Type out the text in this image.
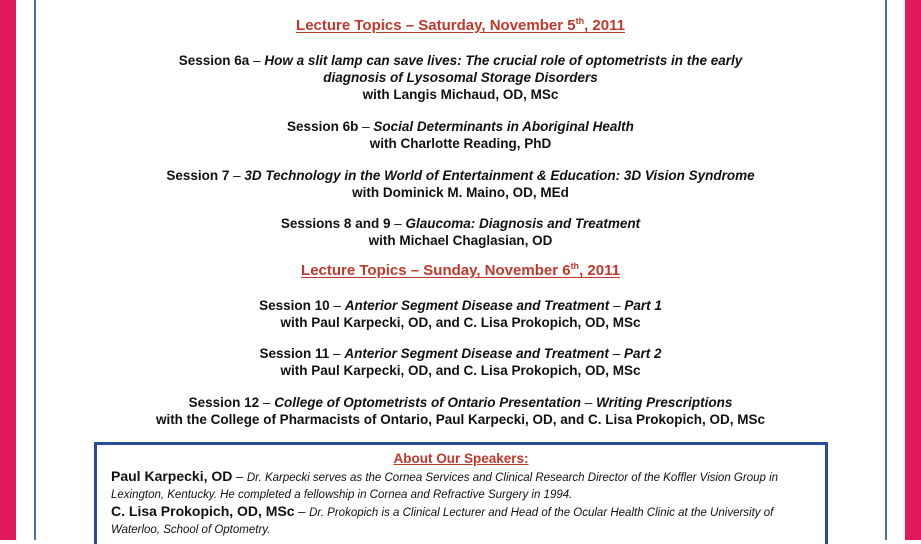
Lecture Topics – Saturday, November 5th, 2011
Session 6a – How a slit lamp can save lives: The crucial role of optometrists in the early
diagnosis of Lysosomal Storage Disorders
with Langis Michaud, OD, MSc
Session 6b – Social Determinants in Aboriginal Health
with Charlotte Reading, PhD
Session 7 – 3D Technology in the World of Entertainment & Education: 3D Vision Syndrome
with Dominick M. Maino, OD, MEd
Sessions 8 and 9 – Glaucoma: Diagnosis and Treatment
with Michael Chaglasian, OD
Lecture Topics – Sunday, November 6th, 2011
Session 10 – Anterior Segment Disease and Treatment – Part 1
with Paul Karpecki, OD, and C. Lisa Prokopich, OD, MSc
Session 11 – Anterior Segment Disease and Treatment – Part 2
with Paul Karpecki, OD, and C. Lisa Prokopich, OD, MSc
Session 12 – College of Optometrists of Ontario Presentation – Writing Prescriptions
with the College of Pharmacists of Ontario, Paul Karpecki, OD, and C. Lisa Prokopich, OD, MSc
About Our Speakers:
Paul Karpecki, OD – Dr. Karpecki serves as the Cornea Services and Clinical Research Director of the Koffler Vision Group in Lexington, Kentucky. He completed a fellowship in Cornea and Refractive Surgery in 1994.
C. Lisa Prokopich, OD, MSc – Dr. Prokopich is a Clinical Lecturer and Head of the Ocular Health Clinic at the University of Waterloo, School of Optometry.
